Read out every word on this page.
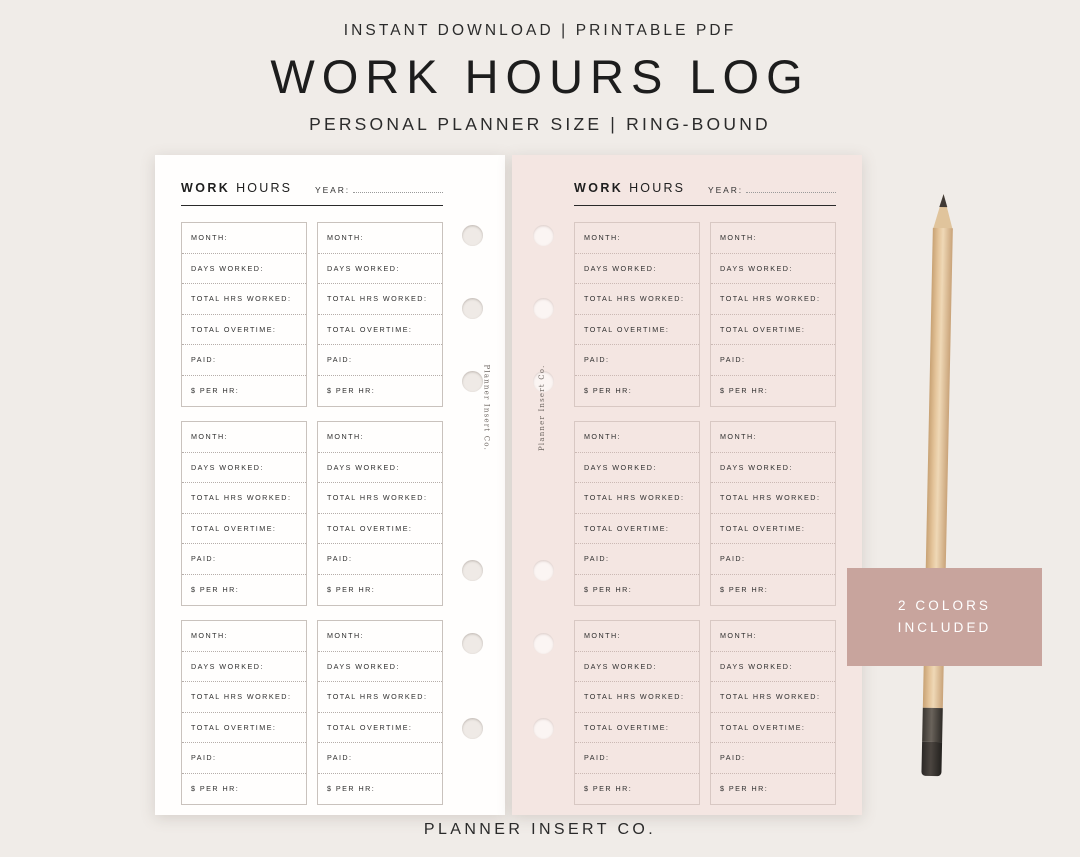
INSTANT DOWNLOAD | PRINTABLE PDF
WORK HOURS LOG
PERSONAL PLANNER SIZE | RING-BOUND
WORK HOURS	YEAR:
MONTH:
DAYS WORKED:
TOTAL HRS WORKED:
TOTAL OVERTIME:
PAID:
$ PER HR:
MONTH:
DAYS WORKED:
TOTAL HRS WORKED:
TOTAL OVERTIME:
PAID:
$ PER HR:
MONTH:
DAYS WORKED:
TOTAL HRS WORKED:
TOTAL OVERTIME:
PAID:
$ PER HR:
MONTH:
DAYS WORKED:
TOTAL HRS WORKED:
TOTAL OVERTIME:
PAID:
$ PER HR:
MONTH:
DAYS WORKED:
TOTAL HRS WORKED:
TOTAL OVERTIME:
PAID:
$ PER HR:
MONTH:
DAYS WORKED:
TOTAL HRS WORKED:
TOTAL OVERTIME:
PAID:
$ PER HR:
Planner Insert Co.
WORK HOURS	YEAR:
MONTH:
DAYS WORKED:
TOTAL HRS WORKED:
TOTAL OVERTIME:
PAID:
$ PER HR:
MONTH:
DAYS WORKED:
TOTAL HRS WORKED:
TOTAL OVERTIME:
PAID:
$ PER HR:
MONTH:
DAYS WORKED:
TOTAL HRS WORKED:
TOTAL OVERTIME:
PAID:
$ PER HR:
MONTH:
DAYS WORKED:
TOTAL HRS WORKED:
TOTAL OVERTIME:
PAID:
$ PER HR:
MONTH:
DAYS WORKED:
TOTAL HRS WORKED:
TOTAL OVERTIME:
PAID:
$ PER HR:
MONTH:
DAYS WORKED:
TOTAL HRS WORKED:
TOTAL OVERTIME:
PAID:
$ PER HR:
Planner Insert Co.
2 COLORS
INCLUDED
PLANNER INSERT CO.
